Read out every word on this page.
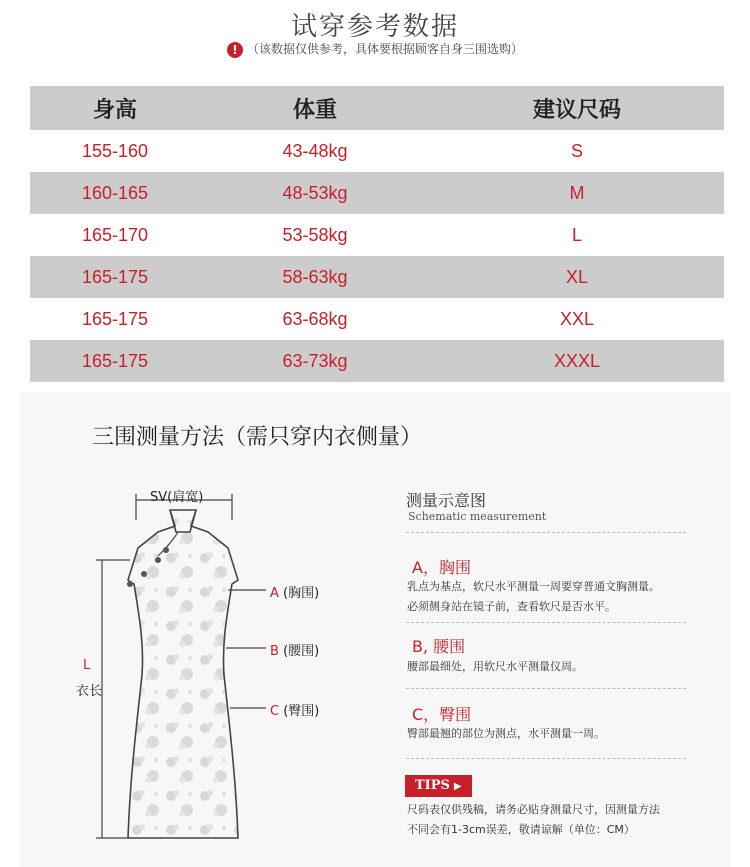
试穿参考数据
! （该数据仅供参考，具体要根据顾客自身三围选购）
身高	体重	建议尺码
155-160	43-48kg	S
160-165	48-53kg	M
165-170	53-58kg	L
165-175	58-63kg	XL
165-175	63-68kg	XXL
165-175	63-73kg	XXXL
三围测量方法（需只穿内衣侧量）
SV(肩宽)
A (胸围)
B (腰围)
C (臀围)
L
衣长
测量示意图
Schematic measurement
A，胸围
乳点为基点，软尺水平测量一周要穿普通文胸测量。
必须侧身站在镜子前，查看软尺是否水平。
B, 腰围
腰部最细处，用软尺水平测量仪周。
C，臀围
臀部最翘的部位为测点，水平测量一周。
TIPS ▶
尺码表仅供残稿，请务必贴身测量尺寸，因测量方法
不同会有1-3cm误差，敬请谅解（单位：CM）
